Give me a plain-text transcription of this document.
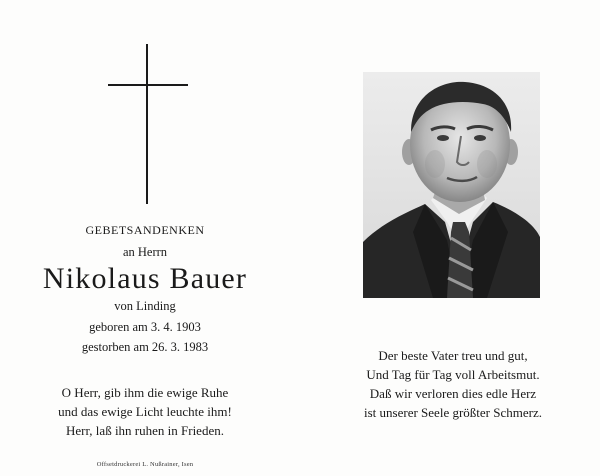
GEBETSANDENKEN
an Herrn
Nikolaus Bauer
von Linding
geboren am 3. 4. 1903
gestorben am 26. 3. 1983
O Herr, gib ihm die ewige Ruhe
und das ewige Licht leuchte ihm!
Herr, laß ihn ruhen in Frieden.
Offsetdruckerei L. Nußrainer, Isen
Der beste Vater treu und gut,
Und Tag für Tag voll Arbeitsmut.
Daß wir verloren dies edle Herz
ist unserer Seele größter Schmerz.
